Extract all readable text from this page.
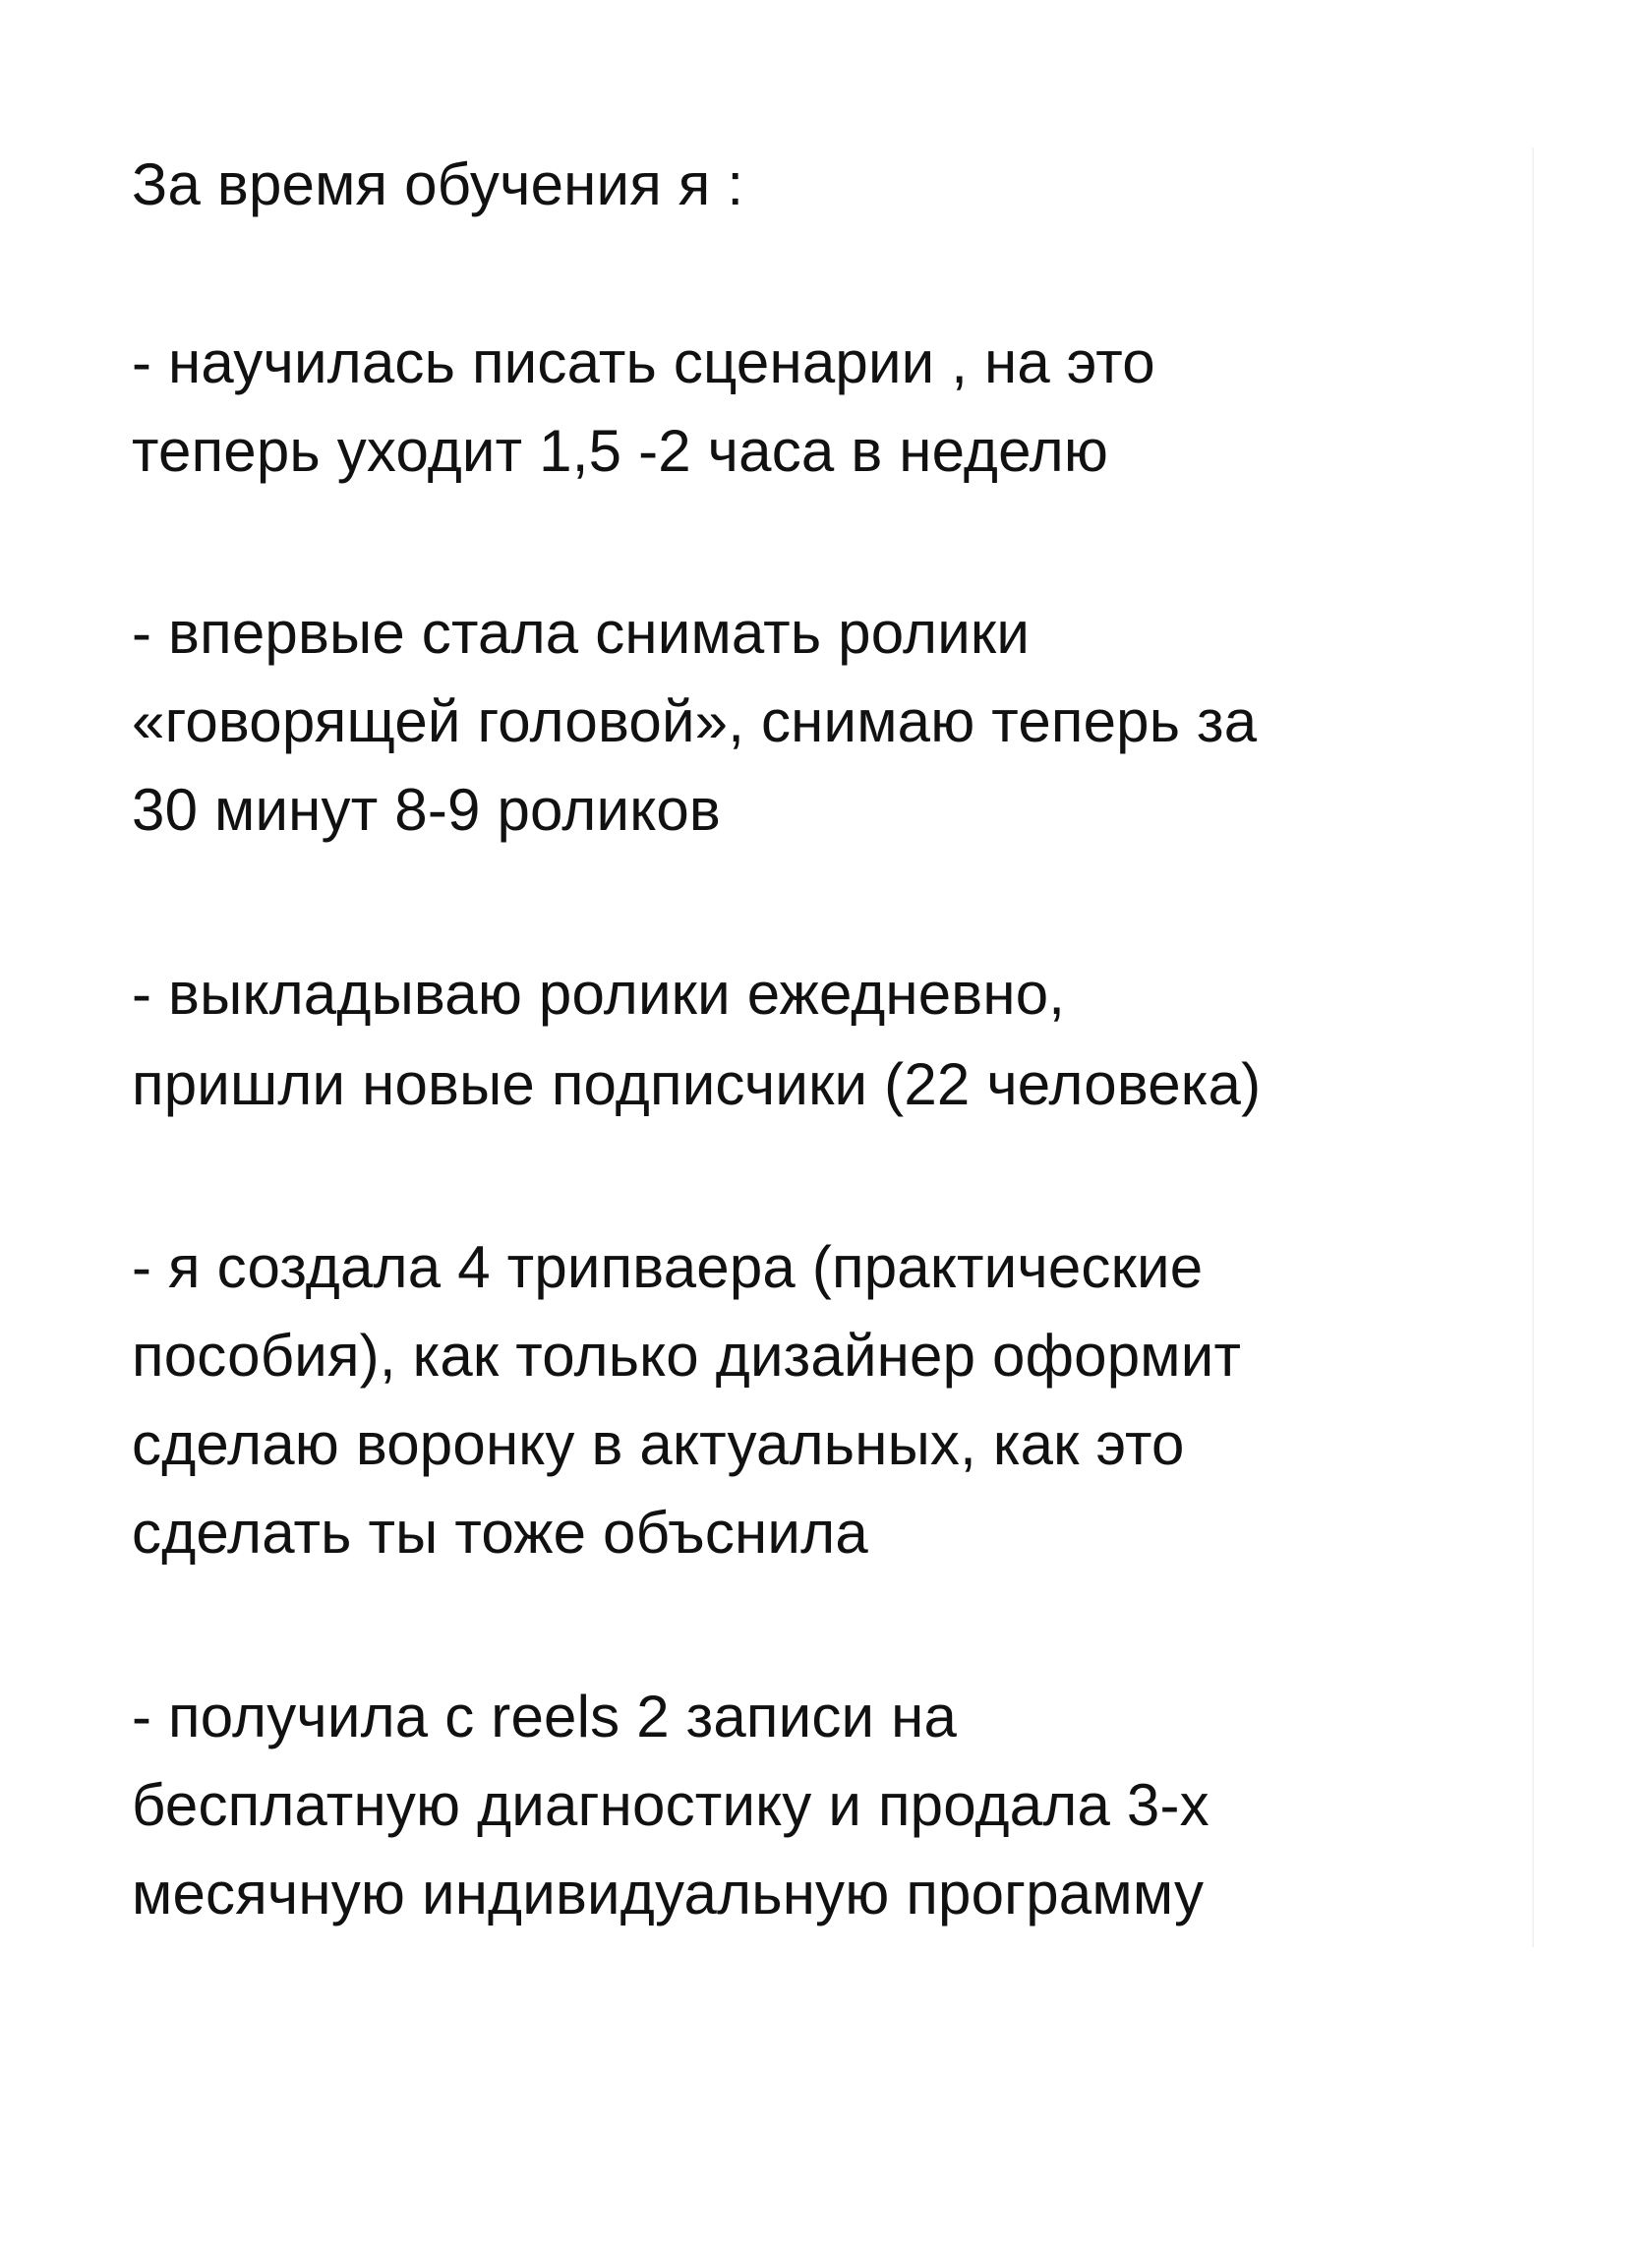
За время обучения я :

- научилась писать сценарии , на это

теперь уходит 1,5 -2 часа в неделю

- впервые стала снимать ролики

«говорящей головой», снимаю теперь за

30 минут 8-9 роликов

- выкладываю ролики ежедневно,

пришли новые подписчики (22 человека)

- я создала 4 трипваера (практические

пособия), как только дизайнер оформит

сделаю воронку в актуальных, как это

сделать ты тоже объснила

- получила с reels 2 записи на

бесплатную диагностику и продала 3-х

месячную индивидуальную программу
